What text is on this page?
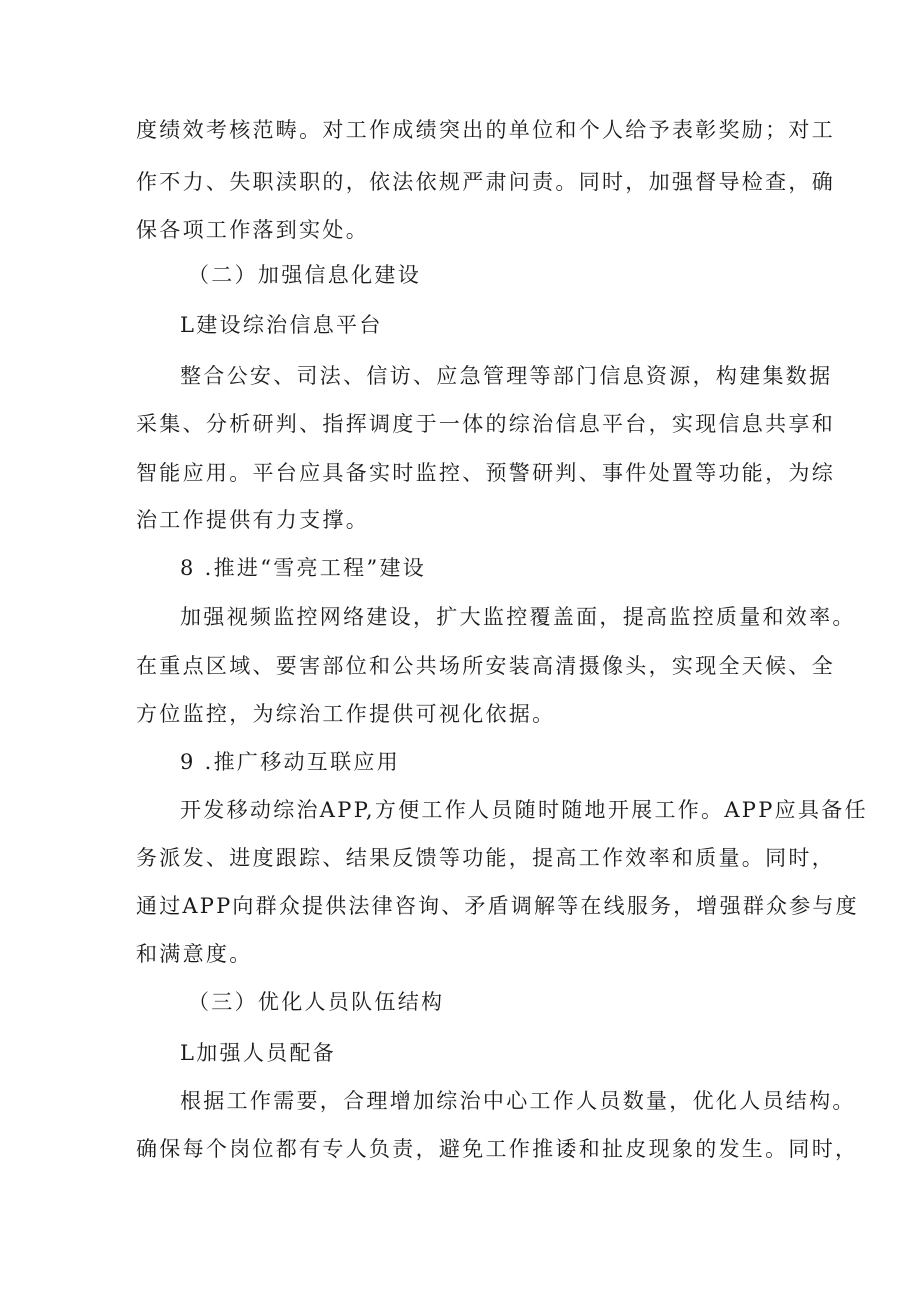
度绩效考核范畴。对工作成绩突出的单位和个人给予表彰奖励；对工
作不力、失职渎职的，依法依规严肃问责。同时，加强督导检查，确
保各项工作落到实处。
（二）加强信息化建设
L建设综治信息平台
整合公安、司法、信访、应急管理等部门信息资源，构建集数据
采集、分析研判、指挥调度于一体的综治信息平台，实现信息共享和
智能应用。平台应具备实时监控、预警研判、事件处置等功能，为综
治工作提供有力支撑。
8 .推进“雪亮工程”建设
加强视频监控网络建设，扩大监控覆盖面，提高监控质量和效率。
在重点区域、要害部位和公共场所安装高清摄像头，实现全天候、全
方位监控，为综治工作提供可视化依据。
9 .推广移动互联应用
开发移动综治APP,方便工作人员随时随地开展工作。APP应具备任
务派发、进度跟踪、结果反馈等功能，提高工作效率和质量。同时，
通过APP向群众提供法律咨询、矛盾调解等在线服务，增强群众参与度
和满意度。
（三）优化人员队伍结构
L加强人员配备
根据工作需要，合理增加综治中心工作人员数量，优化人员结构。
确保每个岗位都有专人负责，避免工作推诿和扯皮现象的发生。同时，
